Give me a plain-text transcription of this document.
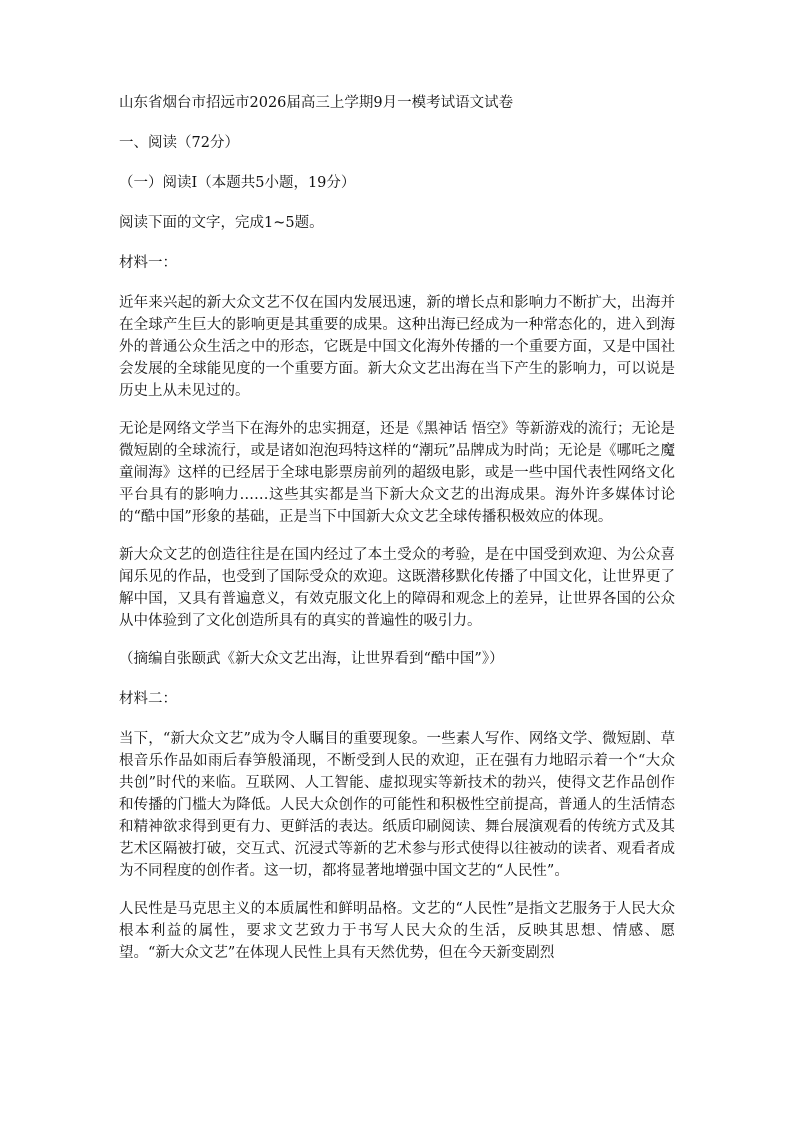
山东省烟台市招远市2026届高三上学期9月一模考试语文试卷

一、阅读（72分）

（一）阅读Ⅰ（本题共5小题，19分）

阅读下面的文字，完成1~5题。

材料一：

近年来兴起的新大众文艺不仅在国内发展迅速，新的增长点和影响力不断扩大，出海并在全球产生巨大的影响更是其重要的成果。这种出海已经成为一种常态化的，进入到海外的普通公众生活之中的形态，它既是中国文化海外传播的一个重要方面，又是中国社会发展的全球能见度的一个重要方面。新大众文艺出海在当下产生的影响力，可以说是历史上从未见过的。

无论是网络文学当下在海外的忠实拥趸，还是《黑神话 悟空》等新游戏的流行；无论是微短剧的全球流行，或是诸如泡泡玛特这样的“潮玩”品牌成为时尚；无论是《哪吒之魔童闹海》这样的已经居于全球电影票房前列的超级电影，或是一些中国代表性网络文化平台具有的影响力……这些其实都是当下新大众文艺的出海成果。海外许多媒体讨论的“酷中国”形象的基础，正是当下中国新大众文艺全球传播积极效应的体现。

新大众文艺的创造往往是在国内经过了本土受众的考验，是在中国受到欢迎、为公众喜闻乐见的作品，也受到了国际受众的欢迎。这既潜移默化传播了中国文化，让世界更了解中国，又具有普遍意义，有效克服文化上的障碍和观念上的差异，让世界各国的公众从中体验到了文化创造所具有的真实的普遍性的吸引力。

（摘编自张颐武《新大众文艺出海，让世界看到“酷中国”》）

材料二：

当下，“新大众文艺”成为令人瞩目的重要现象。一些素人写作、网络文学、微短剧、草根音乐作品如雨后春笋般涌现，不断受到人民的欢迎，正在强有力地昭示着一个“大众共创”时代的来临。互联网、人工智能、虚拟现实等新技术的勃兴，使得文艺作品创作和传播的门槛大为降低。人民大众创作的可能性和积极性空前提高，普通人的生活情态和精神欲求得到更有力、更鲜活的表达。纸质印刷阅读、舞台展演观看的传统方式及其艺术区隔被打破，交互式、沉浸式等新的艺术参与形式使得以往被动的读者、观看者成为不同程度的创作者。这一切，都将显著地增强中国文艺的“人民性”。

人民性是马克思主义的本质属性和鲜明品格。文艺的“人民性”是指文艺服务于人民大众根本利益的属性，要求文艺致力于书写人民大众的生活，反映其思想、情感、愿望。“新大众文艺”在体现人民性上具有天然优势，但在今天新变剧烈
